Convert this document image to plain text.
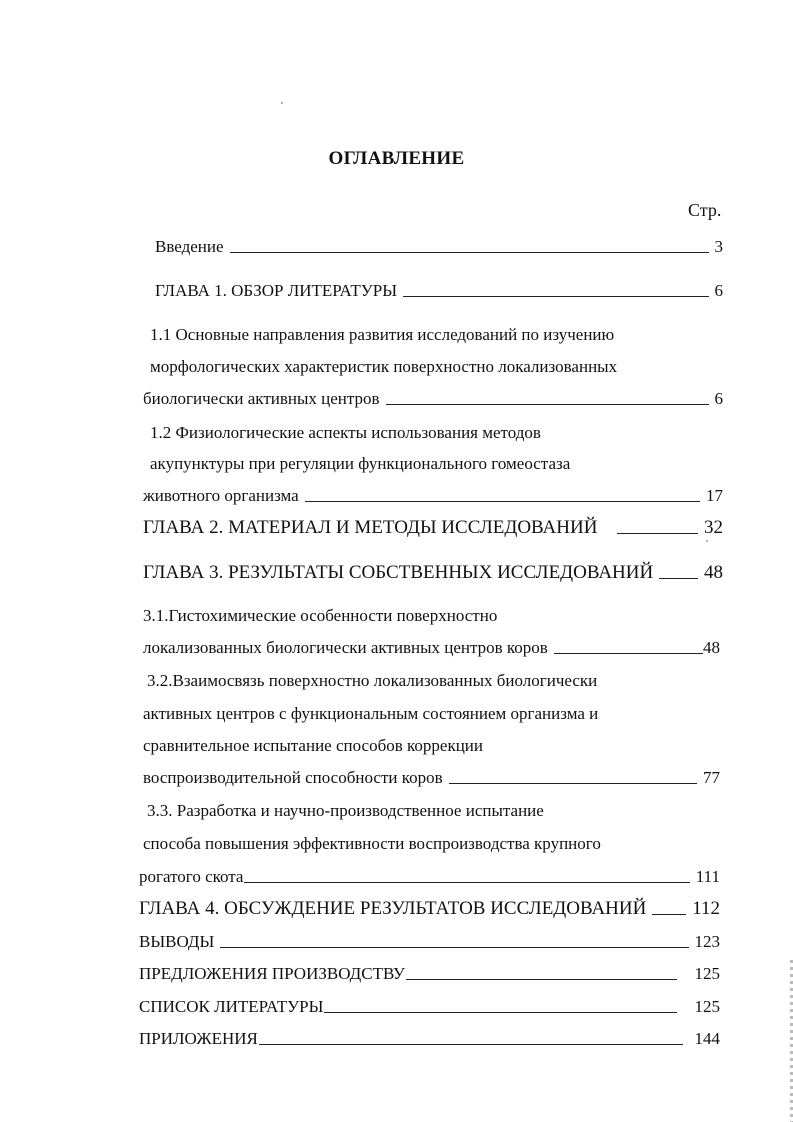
ОГЛАВЛЕНИЕ
Стр.
Введение	3
ГЛАВА 1. ОБЗОР ЛИТЕРАТУРЫ	6
1.1 Основные направления развития исследований по изучению
морфологических характеристик поверхностно локализованных
биологически активных центров	6
1.2 Физиологические аспекты использования методов
акупунктуры при регуляции функционального гомеостаза
животного организма	17
ГЛАВА 2. МАТЕРИАЛ И МЕТОДЫ ИССЛЕДОВАНИЙ	32
ГЛАВА 3. РЕЗУЛЬТАТЫ СОБСТВЕННЫХ ИССЛЕДОВАНИЙ	48
3.1.Гистохимические особенности поверхностно
локализованных биологически активных центров коров	48
3.2.Взаимосвязь поверхностно локализованных биологически
активных центров с функциональным состоянием организма и
сравнительное испытание способов коррекции
воспроизводительной способности коров	77
3.3. Разработка и научно-производственное испытание
способа повышения эффективности воспроизводства крупного
рогатого скота	111
ГЛАВА 4. ОБСУЖДЕНИЕ РЕЗУЛЬТАТОВ ИССЛЕДОВАНИЙ 112
ВЫВОДЫ	123
ПРЕДЛОЖЕНИЯ ПРОИЗВОДСТВУ	125
СПИСОК ЛИТЕРАТУРЫ	125
ПРИЛОЖЕНИЯ	144
